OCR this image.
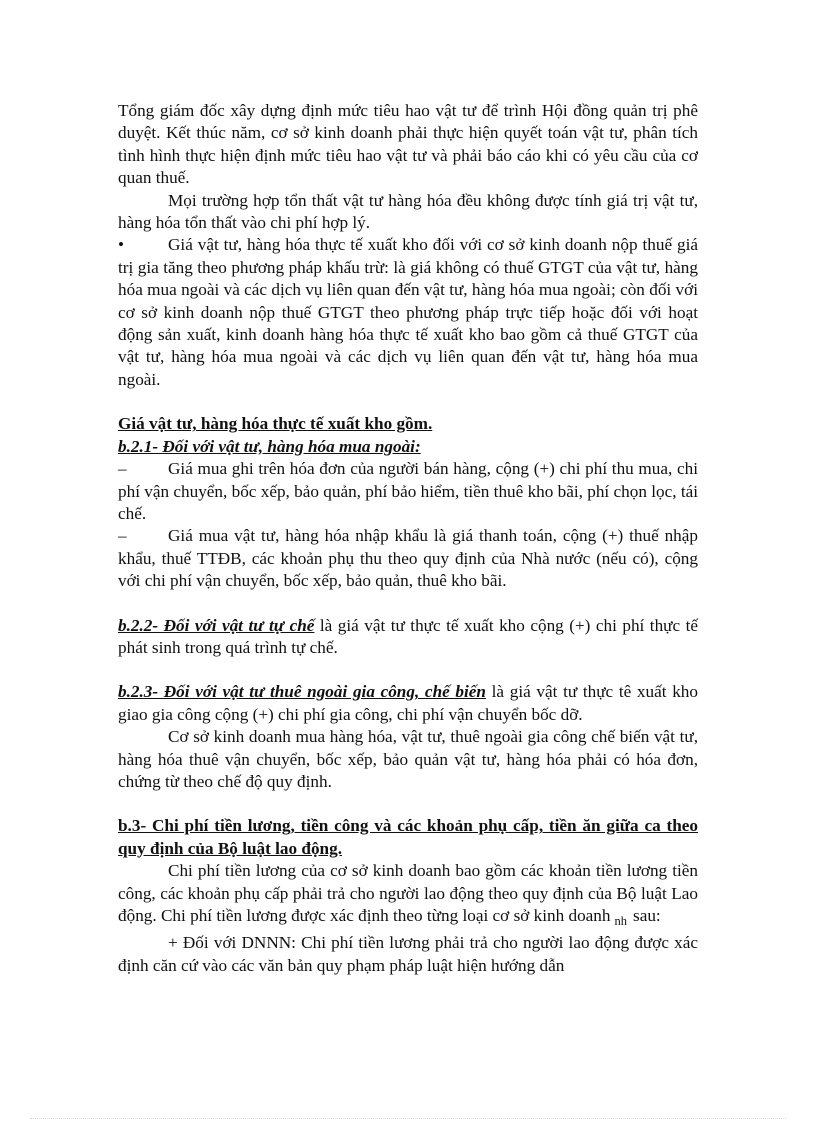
Tổng giám đốc xây dựng định mức tiêu hao vật tư để trình Hội đồng quản trị phê duyệt. Kết thúc năm, cơ sở kinh doanh phải thực hiện quyết toán vật tư, phân tích tình hình thực hiện định mức tiêu hao vật tư và phải báo cáo khi có yêu cầu của cơ quan thuế.

Mọi trường hợp tổn thất vật tư hàng hóa đều không được tính giá trị vật tư, hàng hóa tổn thất vào chi phí hợp lý.

•	Giá vật tư, hàng hóa thực tế xuất kho đối với cơ sở kinh doanh nộp thuế giá trị gia tăng theo phương pháp khấu trừ: là giá không có thuế GTGT của vật tư, hàng hóa mua ngoài và các dịch vụ liên quan đến vật tư, hàng hóa mua ngoài; còn đối với cơ sở kinh doanh nộp thuế GTGT theo phương pháp trực tiếp hoặc đối với hoạt động sản xuất, kinh doanh hàng hóa thực tế xuất kho bao gồm cả thuế GTGT của vật tư, hàng hóa mua ngoài và các dịch vụ liên quan đến vật tư, hàng hóa mua ngoài.

Giá vật tư, hàng hóa thực tế xuất kho gồm.

b.2.1- Đối với vật tư, hàng hóa mua ngoài:

–	Giá mua ghi trên hóa đơn của người bán hàng, cộng (+) chi phí thu mua, chi phí vận chuyển, bốc xếp, bảo quản, phí bảo hiểm, tiền thuê kho bãi, phí chọn lọc, tái chế.

–	Giá mua vật tư, hàng hóa nhập khẩu là giá thanh toán, cộng (+) thuế nhập khẩu, thuế TTĐB, các khoản phụ thu theo quy định của Nhà nước (nếu có), cộng với chi phí vận chuyển, bốc xếp, bảo quản, thuê kho bãi.

b.2.2- Đối với vật tư tự chế là giá vật tư thực tế xuất kho cộng (+) chi phí thực tế phát sinh trong quá trình tự chế.

b.2.3- Đối với vật tư thuê ngoài gia công, chế biến là giá vật tư thực tê xuất kho giao gia công cộng (+) chi phí gia công, chi phí vận chuyển bốc dỡ.

Cơ sở kinh doanh mua hàng hóa, vật tư, thuê ngoài gia công chế biến vật tư, hàng hóa thuê vận chuyển, bốc xếp, bảo quản vật tư, hàng hóa phải có hóa đơn, chứng từ theo chế độ quy định.

b.3- Chi phí tiền lương, tiền công và các khoản phụ cấp, tiền ăn giữa ca theo quy định của Bộ luật lao động.

Chi phí tiền lương của cơ sở kinh doanh bao gồm các khoản tiền lương tiền công, các khoản phụ cấp phải trả cho người lao động theo quy định của Bộ luật Lao động. Chi phí tiền lương được xác định theo từng loại cơ sở kinh doanh $_{nh}$ sau:

+ Đối với DNNN: Chi phí tiền lương phải trả cho người lao động được xác định căn cứ vào các văn bản quy phạm pháp luật hiện hướng dẫn
